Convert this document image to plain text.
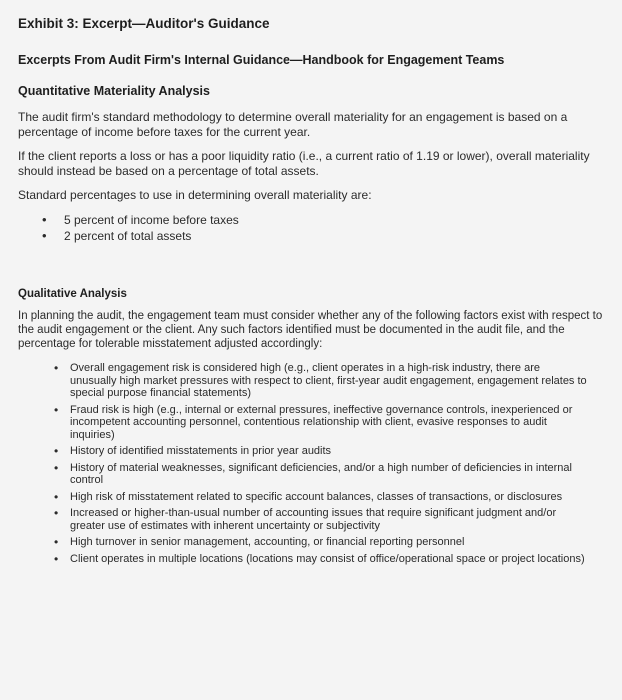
Exhibit 3: Excerpt—Auditor's Guidance
Excerpts From Audit Firm's Internal Guidance—Handbook for Engagement Teams
Quantitative Materiality Analysis

The audit firm's standard methodology to determine overall materiality for an engagement is based on a percentage of income before taxes for the current year.

If the client reports a loss or has a poor liquidity ratio (i.e., a current ratio of 1.19 or lower), overall materiality should instead be based on a percentage of total assets.

Standard percentages to use in determining overall materiality are:

• 5 percent of income before taxes
• 2 percent of total assets
Qualitative Analysis

In planning the audit, the engagement team must consider whether any of the following factors exist with respect to the audit engagement or the client. Any such factors identified must be documented in the audit file, and the percentage for tolerable misstatement adjusted accordingly:

• Overall engagement risk is considered high (e.g., client operates in a high-risk industry, there are unusually high market pressures with respect to client, first-year audit engagement, engagement relates to special purpose financial statements)
• Fraud risk is high (e.g., internal or external pressures, ineffective governance controls, inexperienced or incompetent accounting personnel, contentious relationship with client, evasive responses to audit inquiries)
• History of identified misstatements in prior year audits
• History of material weaknesses, significant deficiencies, and/or a high number of deficiencies in internal control
• High risk of misstatement related to specific account balances, classes of transactions, or disclosures
• Increased or higher-than-usual number of accounting issues that require significant judgment and/or greater use of estimates with inherent uncertainty or subjectivity
• High turnover in senior management, accounting, or financial reporting personnel
• Client operates in multiple locations (locations may consist of office/operational space or project locations)
